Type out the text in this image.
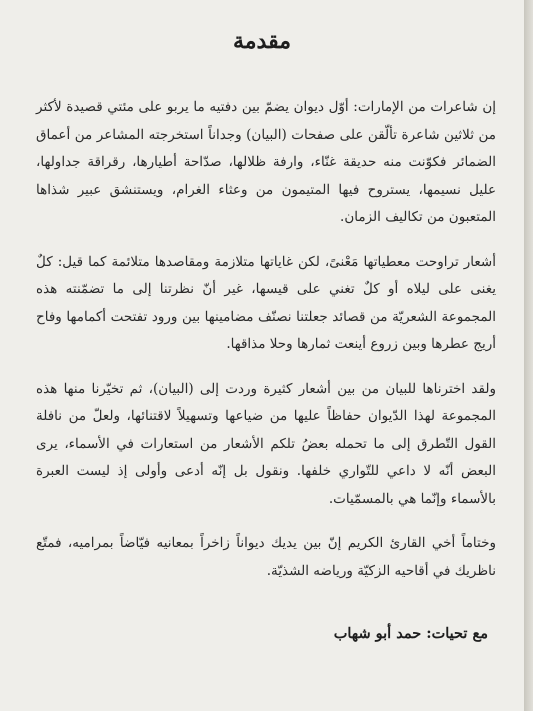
مقدمة

إن شاعرات من الإمارات: أوّل ديوان يضمّ بين دفتيه ما يربو على مئتي قصيدة لأكثر من ثلاثين شاعرة تألّقن على صفحات (البيان) وجداناً استخرجته المشاعر من أعماق الضمائر فكوّنت منه حديقة غنّاء، وارفة ظلالها، صدّاحة أطيارها، رقراقة جداولها، عليل نسيمها، يستروح فيها المتيمون من وعثاء الغرام، ويستنشق عبير شذاها المتعبون من تكاليف الزمان.

أشعار تراوحت معطياتها مَعْنىً، لكن غاياتها متلازمة ومقاصدها متلائمة كما قيل: كلٌ يغنى على ليلاه أو كلٌ تغني على قيسها، غير أنّ نظرتنا إلى ما تضمّنته هذه المجموعة الشعريّة من قصائد جعلتنا نصنّف مضامينها بين ورود تفتحت أكمامها وفاح أريج عطرها وبين زروع أينعت ثمارها وحلا مذاقها.

ولقد اخترناها للبيان من بين أشعار كثيرة وردت إلى (البيان)، ثم تخيّرنا منها هذه المجموعة لهذا الدّيوان حفاظاً عليها من ضياعها وتسهيلاً لاقتنائها، ولعلّ من نافلة القول التّطرق إلى ما تحمله بعضُ تلكم الأشعار من استعارات في الأسماء، يرى البعض أنّه لا داعي للتّواري خلفها. ونقول بل إنّه أدعى وأولى إذ ليست العبرة بالأسماء وإنّما هي بالمسمّيات.

وختاماً أخي القارئ الكريم إنّ بين يديك ديواناً زاخراً بمعانيه فيّاضاً بمراميه، فمتّع ناظريك في أقاحيه الزكيّة ورياضه الشذيّة.

مع تحيات: حمد أبو شهاب
